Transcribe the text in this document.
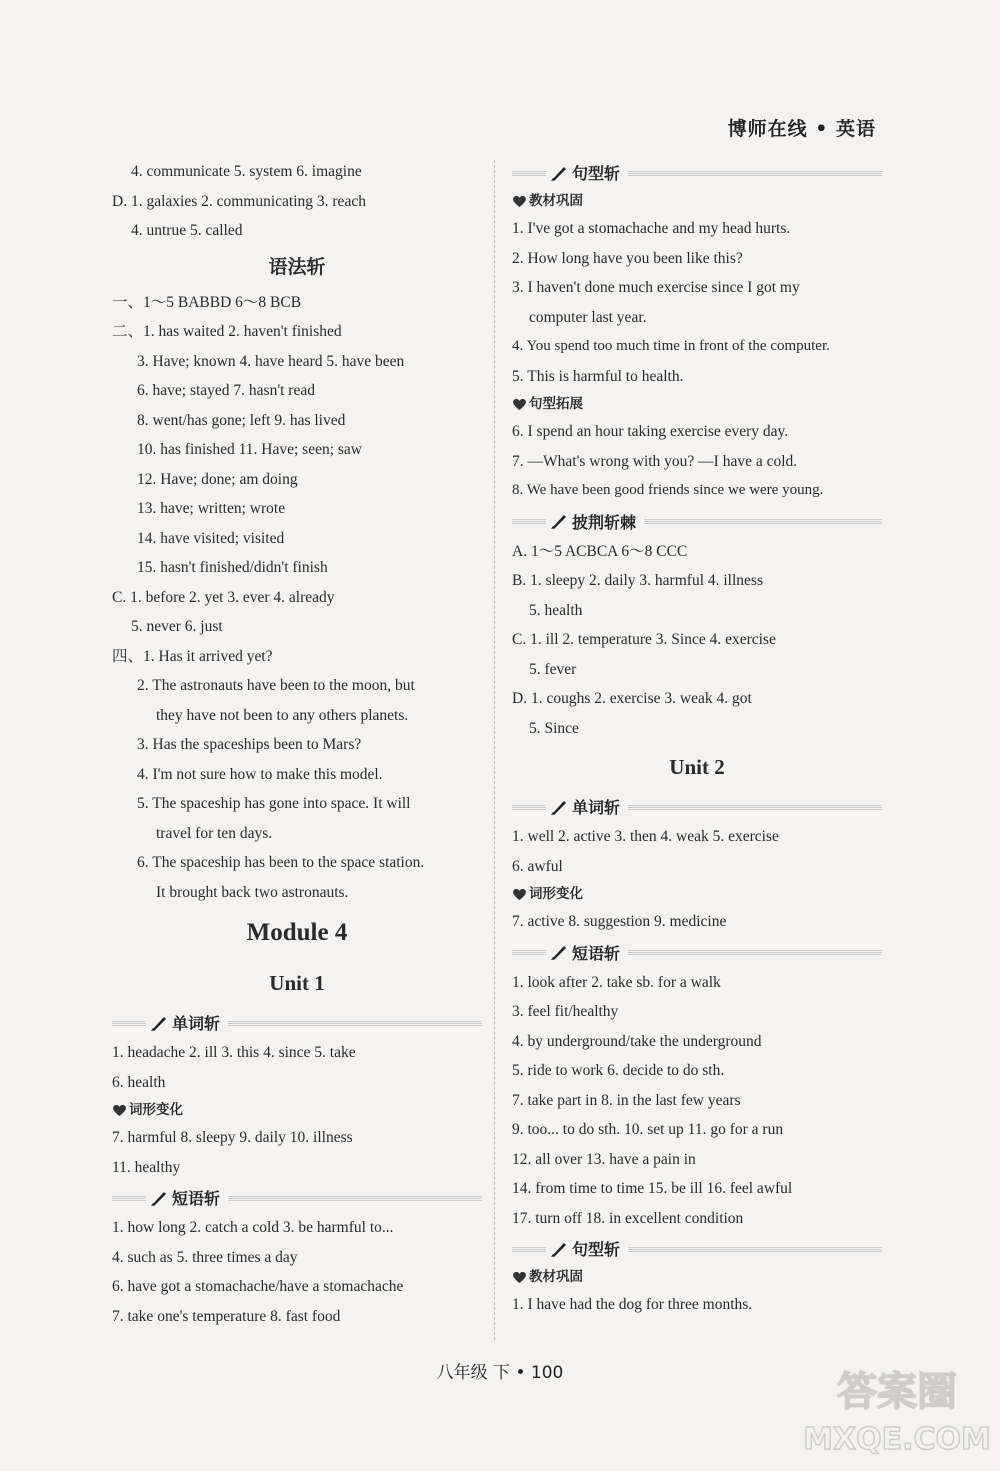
博师在线 • 英语
4. communicate 5. system 6. imagine
D. 1. galaxies 2. communicating 3. reach
4. untrue 5. called
语法斩
一、1～5 BABBD 6～8 BCB
二、1. has waited 2. haven't finished
3. Have; known 4. have heard 5. have been
6. have; stayed 7. hasn't read
8. went/has gone; left 9. has lived
10. has finished 11. Have; seen; saw
12. Have; done; am doing
13. have; written; wrote
14. have visited; visited
15. hasn't finished/didn't finish
C. 1. before 2. yet 3. ever 4. already
5. never 6. just
四、1. Has it arrived yet?
2. The astronauts have been to the moon, but
they have not been to any others planets.
3. Has the spaceships been to Mars?
4. I'm not sure how to make this model.
5. The spaceship has gone into space. It will
travel for ten days.
6. The spaceship has been to the space station.
It brought back two astronauts.
Module 4
Unit 1
单词斩
1. headache 2. ill 3. this 4. since 5. take
6. health
词形变化
7. harmful 8. sleepy 9. daily 10. illness
11. healthy
短语斩
1. how long 2. catch a cold 3. be harmful to...
4. such as 5. three times a day
6. have got a stomachache/have a stomachache
7. take one's temperature 8. fast food
句型斩
教材巩固
1. I've got a stomachache and my head hurts.
2. How long have you been like this?
3. I haven't done much exercise since I got my
computer last year.
4. You spend too much time in front of the computer.
5. This is harmful to health.
句型拓展
6. I spend an hour taking exercise every day.
7. —What's wrong with you? —I have a cold.
8. We have been good friends since we were young.
披荆斩棘
A. 1～5 ACBCA 6～8 CCC
B. 1. sleepy 2. daily 3. harmful 4. illness
5. health
C. 1. ill 2. temperature 3. Since 4. exercise
5. fever
D. 1. coughs 2. exercise 3. weak 4. got
5. Since
Unit 2
单词斩
1. well 2. active 3. then 4. weak 5. exercise
6. awful
词形变化
7. active 8. suggestion 9. medicine
短语斩
1. look after 2. take sb. for a walk
3. feel fit/healthy
4. by underground/take the underground
5. ride to work 6. decide to do sth.
7. take part in 8. in the last few years
9. too... to do sth. 10. set up 11. go for a run
12. all over 13. have a pain in
14. from time to time 15. be ill 16. feel awful
17. turn off 18. in excellent condition
句型斩
教材巩固
1. I have had the dog for three months.
八年级 下 • 100	答案圈
MXQE.COM
